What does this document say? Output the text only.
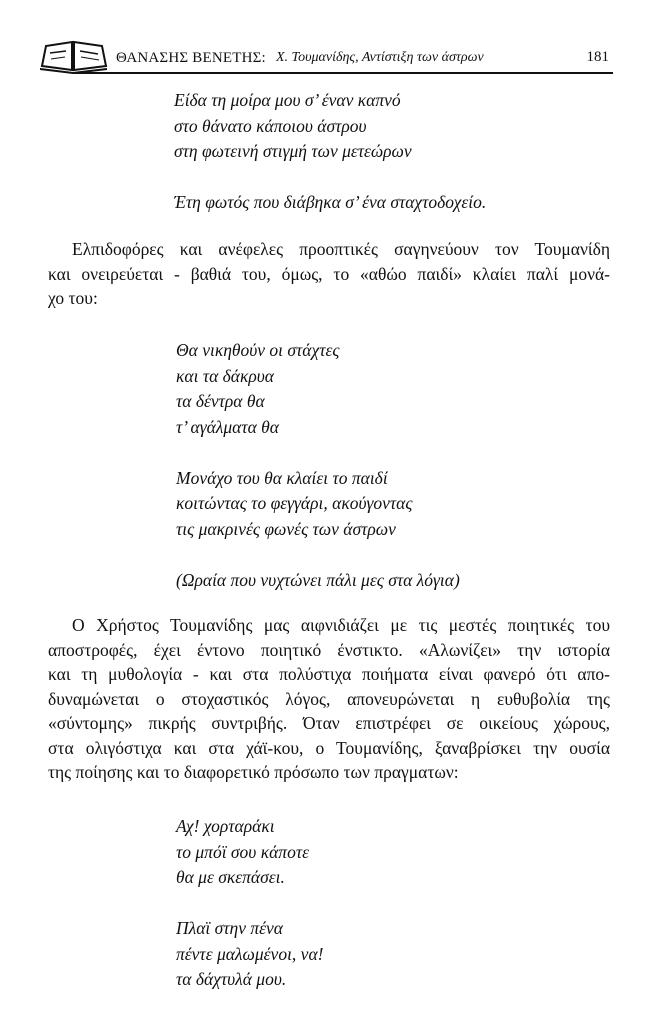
ΘΑΝΑΣΗΣ ΒΕΝΕΤΗΣ: Χ. Τουμανίδης, Αντίστιξη των άστρων	181
Είδα τη μοίρα μου σ’ έναν καπνό
στο θάνατο κάποιου άστρου
στη φωτεινή στιγμή των μετεώρων
Έτη φωτός που διάβηκα σ’ ένα σταχτοδοχείο.
Ελπιδοφόρες και ανέφελες προοπτικές σαγηνεύουν τον Τουμανίδη
και ονειρεύεται - βαθιά του, όμως, το «αθώο παιδί» κλαίει παλί μονά-
χο του:
Θα νικηθούν οι στάχτες
και τα δάκρυα
τα δέντρα θα
τ’ αγάλματα θα
Μονάχο του θα κλαίει το παιδί
κοιτώντας το φεγγάρι, ακούγοντας
τις μακρινές φωνές των άστρων
(Ωραία που νυχτώνει πάλι μες στα λόγια)
Ο Χρήστος Τουμανίδης μας αιφνιδιάζει με τις μεστές ποιητικές του
αποστροφές, έχει έντονο ποιητικό ένστικτο. «Αλωνίζει» την ιστορία
και τη μυθολογία - και στα πολύστιχα ποιήματα είναι φανερό ότι απο-
δυναμώνεται ο στοχαστικός λόγος, απονευρώνεται η ευθυβολία της
«σύντομης» πικρής συντριβής. Όταν επιστρέφει σε οικείους χώρους,
στα ολιγόστιχα και στα χάϊ-κου, ο Τουμανίδης, ξαναβρίσκει την ουσία
της ποίησης και το διαφορετικό πρόσωπο των πραγματων:
Αχ! χορταράκι
το μπόϊ σου κάποτε
θα με σκεπάσει.
Πλαϊ στην πένα
πέντε μαλωμένοι, να!
τα δάχτυλά μου.
